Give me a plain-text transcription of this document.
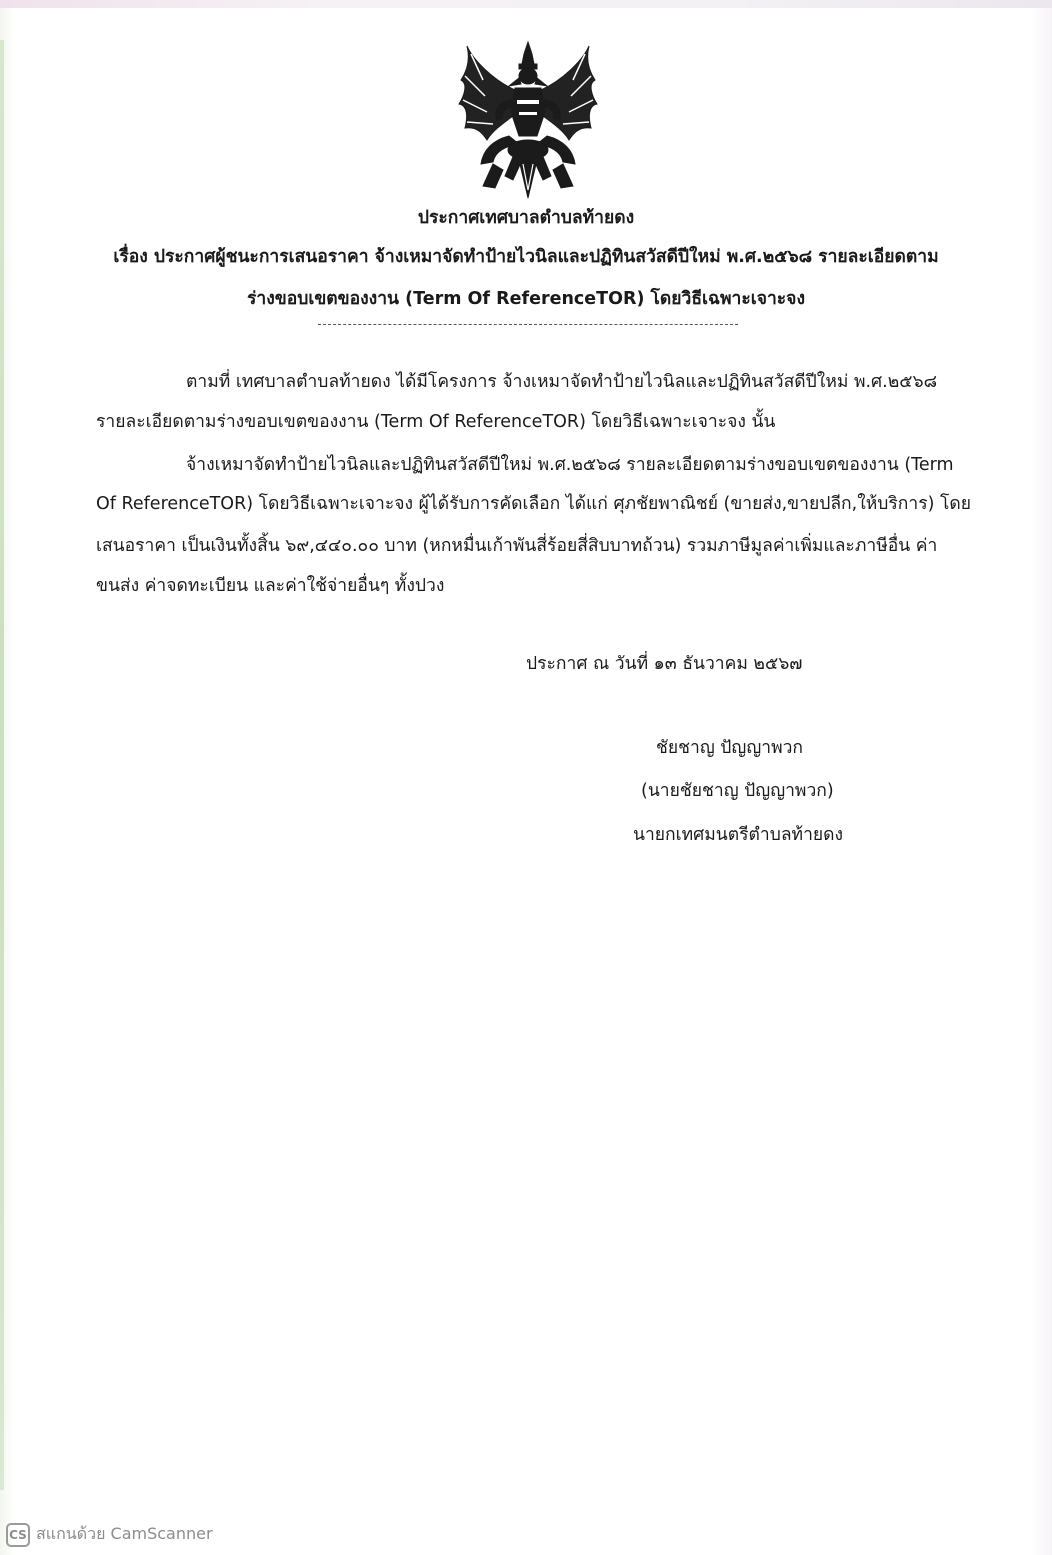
ประกาศเทศบาลตำบลท้ายดง
เรื่อง ประกาศผู้ชนะการเสนอราคา จ้างเหมาจัดทำป้ายไวนิลและปฏิทินสวัสดีปีใหม่ พ.ศ.๒๕๖๘ รายละเอียดตาม
ร่างขอบเขตของงาน (Term Of ReferenceTOR) โดยวิธีเฉพาะเจาะจง
ตามที่ เทศบาลตำบลท้ายดง ได้มีโครงการ จ้างเหมาจัดทำป้ายไวนิลและปฏิทินสวัสดีปีใหม่ พ.ศ.๒๕๖๘
รายละเอียดตามร่างขอบเขตของงาน (Term Of ReferenceTOR) โดยวิธีเฉพาะเจาะจง นั้น
จ้างเหมาจัดทำป้ายไวนิลและปฏิทินสวัสดีปีใหม่ พ.ศ.๒๕๖๘ รายละเอียดตามร่างขอบเขตของงาน (Term
Of ReferenceTOR) โดยวิธีเฉพาะเจาะจง ผู้ได้รับการคัดเลือก ได้แก่ ศุภชัยพาณิชย์ (ขายส่ง,ขายปลีก,ให้บริการ) โดย
เสนอราคา เป็นเงินทั้งสิ้น ๖๙,๔๔๐.๐๐ บาท (หกหมื่นเก้าพันสี่ร้อยสี่สิบบาทถ้วน) รวมภาษีมูลค่าเพิ่มและภาษีอื่น ค่า
ขนส่ง ค่าจดทะเบียน และค่าใช้จ่ายอื่นๆ ทั้งปวง
ประกาศ ณ วันที่ ๑๓ ธันวาคม ๒๕๖๗
ชัยชาญ ปัญญาพวก
(นายชัยชาญ ปัญญาพวก)
นายกเทศมนตรีตำบลท้ายดง
CS สแกนด้วย CamScanner
